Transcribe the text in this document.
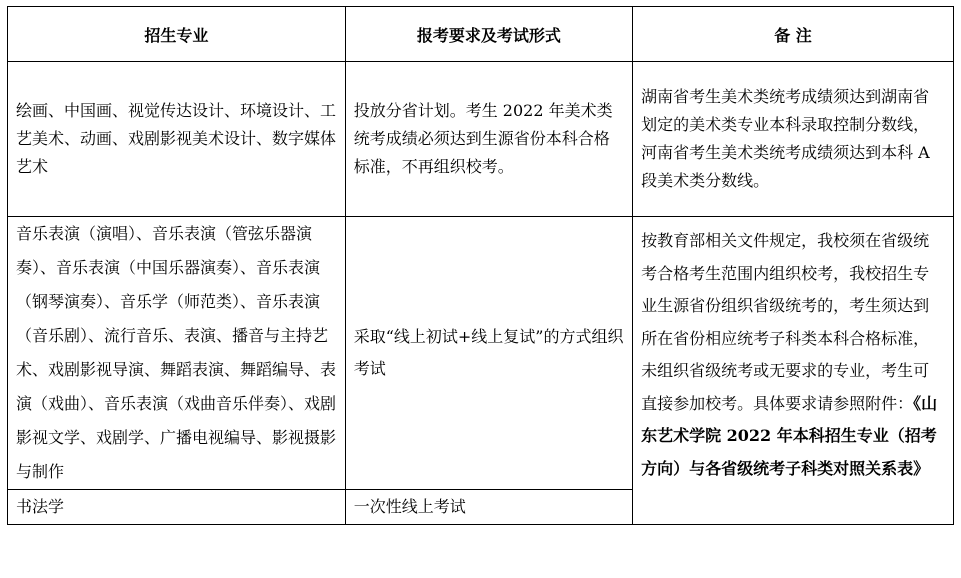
招生专业	报考要求及考试形式	备 注
绘画、中国画、视觉传达设计、环境设计、工艺美术、动画、戏剧影视美术设计、数字媒体艺术	投放分省计划。考生 2022 年美术类统考成绩必须达到生源省份本科合格标准，不再组织校考。	湖南省考生美术类统考成绩须达到湖南省划定的美术类专业本科录取控制分数线，河南省考生美术类统考成绩须达到本科 A 段美术类分数线。
音乐表演（演唱）、音乐表演（管弦乐器演奏）、音乐表演（中国乐器演奏）、音乐表演（钢琴演奏）、音乐学（师范类）、音乐表演（音乐剧）、流行音乐、表演、播音与主持艺术、戏剧影视导演、舞蹈表演、舞蹈编导、表演（戏曲）、音乐表演（戏曲音乐伴奏）、戏剧影视文学、戏剧学、广播电视编导、影视摄影与制作	采取“线上初试+线上复试”的方式组织考试	按教育部相关文件规定，我校须在省级统考合格考生范围内组织校考，我校招生专业生源省份组织省级统考的，考生须达到所在省份相应统考子科类本科合格标准，未组织省级统考或无要求的专业，考生可直接参加校考。具体要求请参照附件：《山东艺术学院 2022 年本科招生专业（招考方向）与各省级统考子科类对照关系表》
书法学	一次性线上考试	
